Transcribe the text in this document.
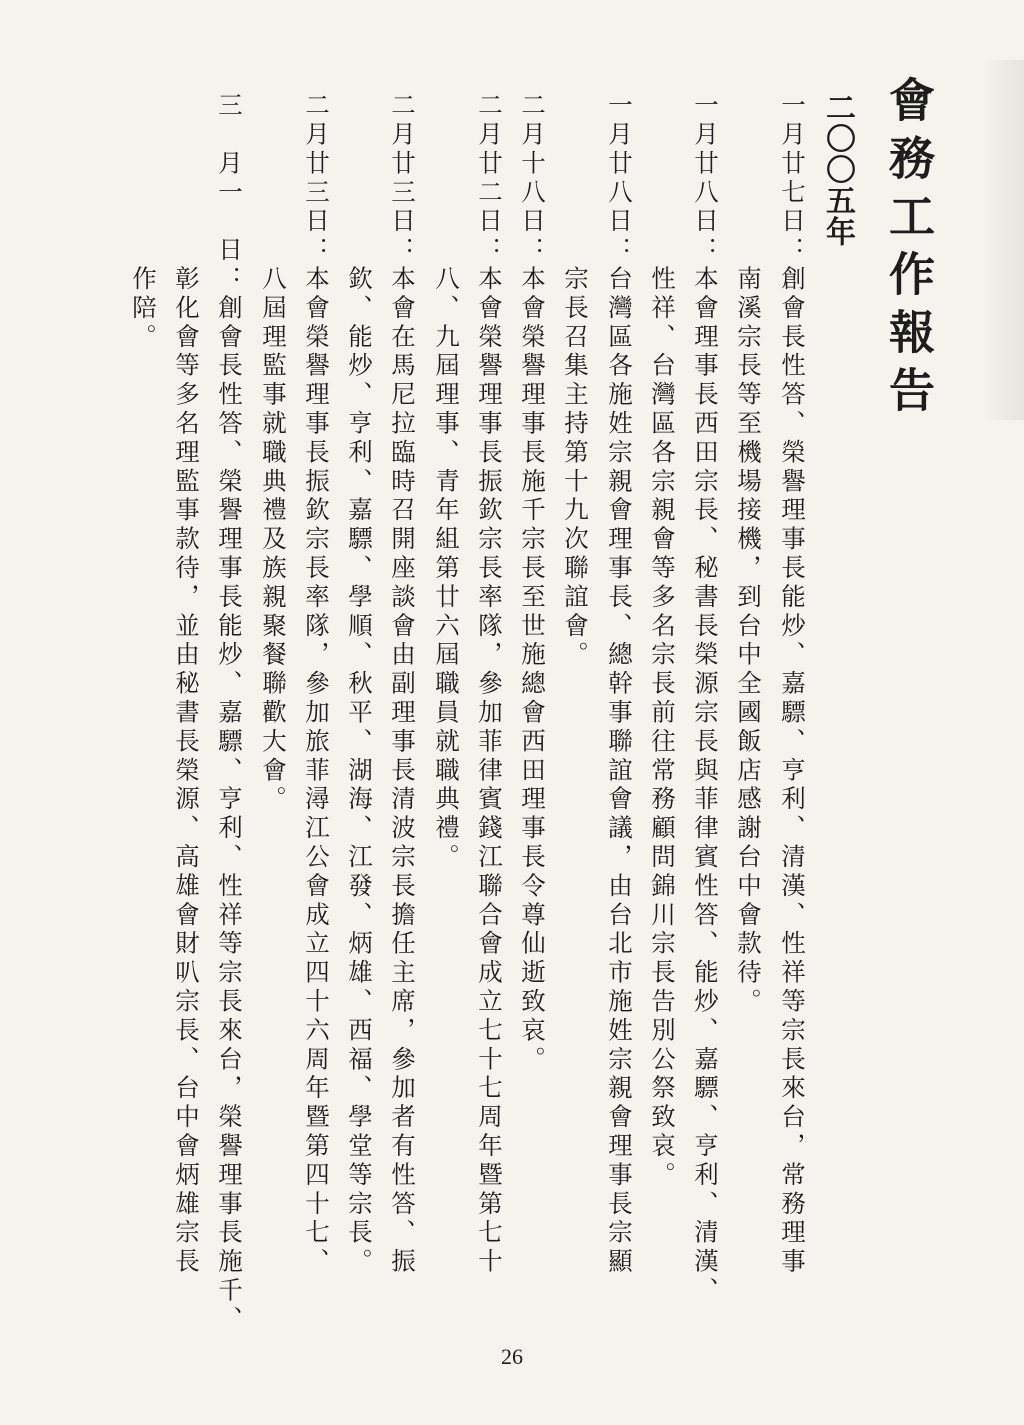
會務工作報告
二〇〇五年
一月廿七日：創會長性答、榮譽理事長能炒、嘉驃、亨利、清漢、性祥等宗長來台，常務理事
　　　　　　南溪宗長等至機場接機，到台中全國飯店感謝台中會款待。
一月廿八日：本會理事長西田宗長、秘書長榮源宗長與菲律賓性答、能炒、嘉驃、亨利、清漢、
　　　　　　性祥、台灣區各宗親會等多名宗長前往常務顧問錦川宗長告別公祭致哀。
一月廿八日：台灣區各施姓宗親會理事長、總幹事聯誼會議，由台北市施姓宗親會理事長宗顯
　　　　　　宗長召集主持第十九次聯誼會。
二月十八日：本會榮譽理事長施千宗長至世施總會西田理事長令尊仙逝致哀。
二月廿二日：本會榮譽理事長振欽宗長率隊，參加菲律賓錢江聯合會成立七十七周年暨第七十
　　　　　　八、九屆理事、青年組第廿六屆職員就職典禮。
二月廿三日：本會在馬尼拉臨時召開座談會由副理事長清波宗長擔任主席，參加者有性答、振
　　　　　　欽、能炒、亨利、嘉驃、學順、秋平、湖海、江發、炳雄、西福、學堂等宗長。
二月廿三日：本會榮譽理事長振欽宗長率隊，參加旅菲潯江公會成立四十六周年暨第四十七、
　　　　　　八屆理監事就職典禮及族親聚餐聯歡大會。
三　月一　日：創會長性答、榮譽理事長能炒、嘉驃、亨利、性祥等宗長來台，榮譽理事長施千、
　　　　　　彰化會等多名理監事款待，並由秘書長榮源、高雄會財叭宗長、台中會炳雄宗長
　　　　　　作陪。
26
